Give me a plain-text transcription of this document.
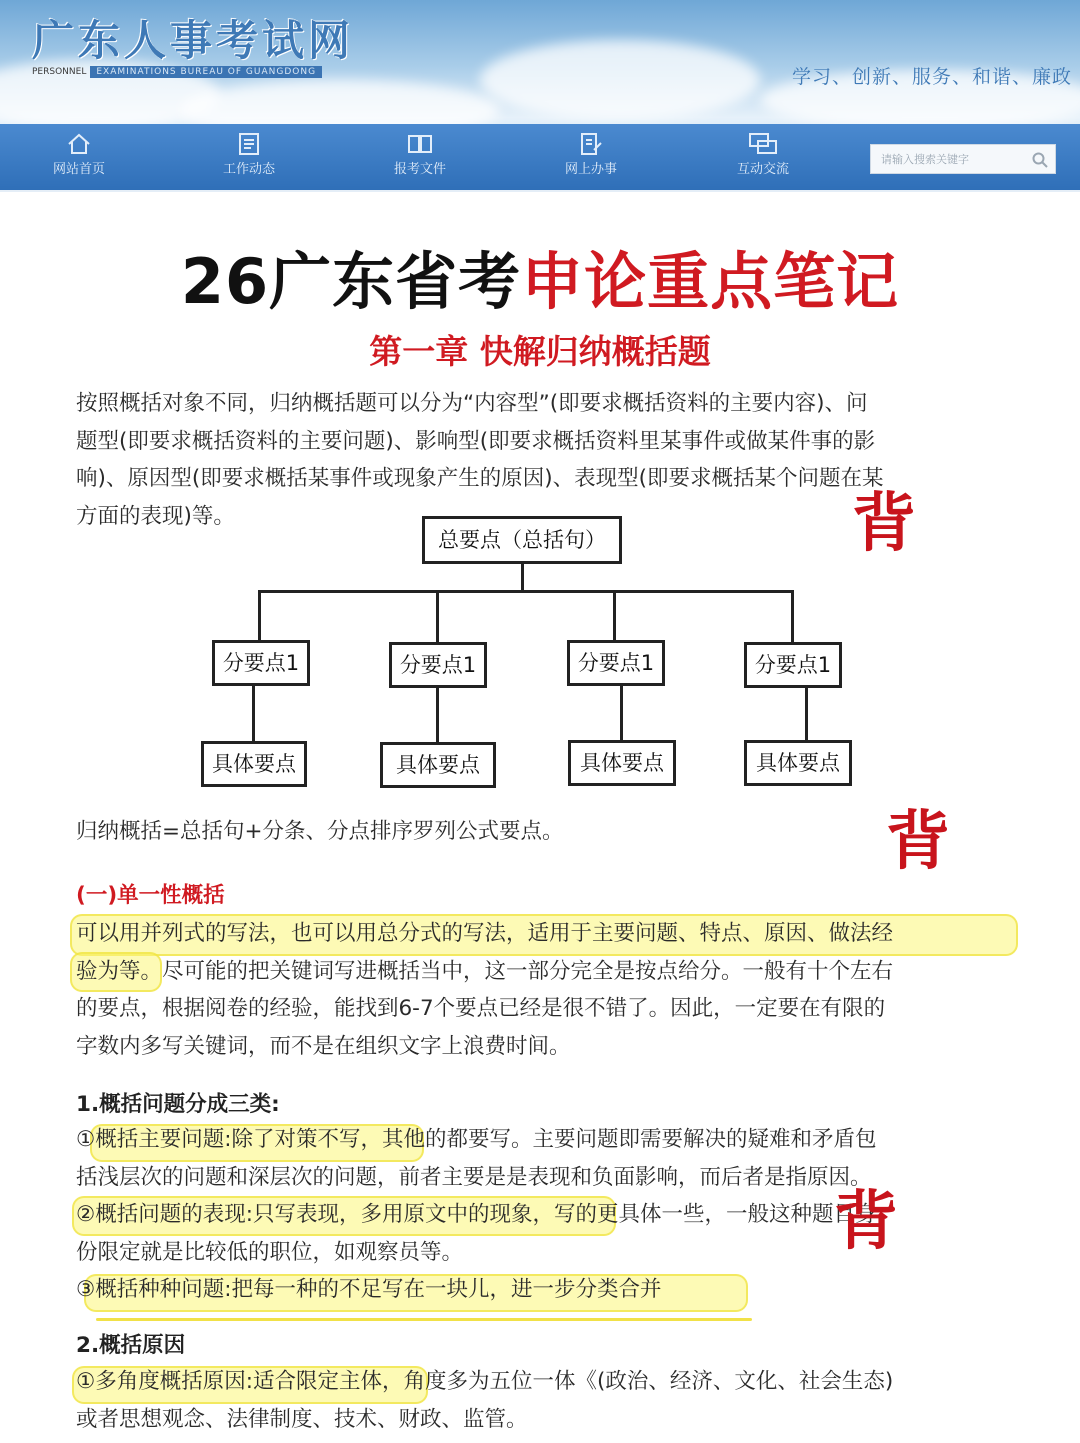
广东人事考试网
PERSONNEL EXAMINATIONS BUREAU OF GUANGDONG	学习、创新、服务、和谐、廉政
网站首页	工作动态	报考文件	网上办事	互动交流
请输入搜索关键字
26广东省考申论重点笔记
第一章 快解归纳概括题
按照概括对象不同，归纳概括题可以分为“内容型”(即要求概括资料的主要内容)、问
题型(即要求概括资料的主要问题)、影响型(即要求概括资料里某事件或做某件事的影
响)、原因型(即要求概括某事件或现象产生的原因)、表现型(即要求概括某个问题在某
方面的表现)等。	背
总要点（总括句）
分要点1	分要点1	分要点1	分要点1
具体要点	具体要点	具体要点	具体要点
归纳概括=总括句+分条、分点排序罗列公式要点。	背
(一)单一性概括
可以用并列式的写法，也可以用总分式的写法，适用于主要问题、特点、原因、做法经
验为等。尽可能的把关键词写进概括当中，这一部分完全是按点给分。一般有十个左右
的要点，根据阅卷的经验，能找到6-7个要点已经是很不错了。因此，一定要在有限的
字数内多写关键词，而不是在组织文字上浪费时间。
1.概括问题分成三类:
①概括主要问题:除了对策不写，其他的都要写。主要问题即需要解决的疑难和矛盾包
括浅层次的问题和深层次的问题，前者主要是是表现和负面影响，而后者是指原因。
②概括问题的表现:只写表现，多用原文中的现象，写的更具体一些，一般这种题目身
份限定就是比较低的职位，如观察员等。
③概括种种问题:把每一种的不足写在一块儿，进一步分类合并
背
2.概括原因
①多角度概括原因:适合限定主体，角度多为五位一体《(政治、经济、文化、社会生态)
或者思想观念、法律制度、技术、财政、监管。
